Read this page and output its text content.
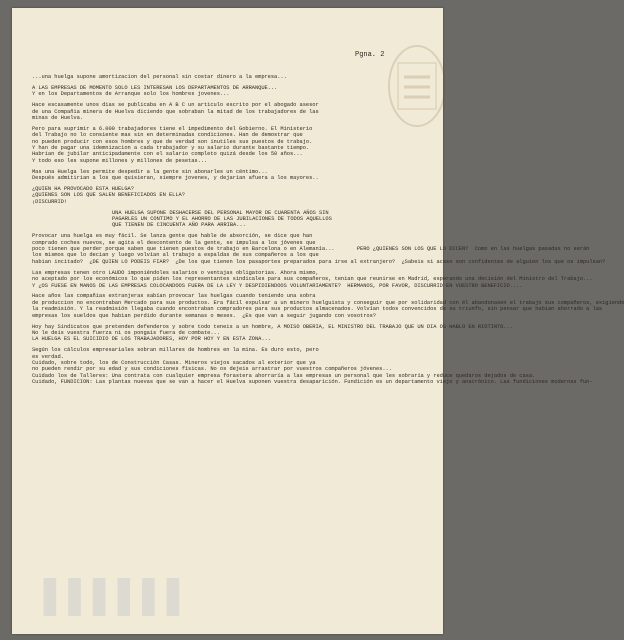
▌▌▌▌▌▌
Pgna. 2
...una huelga supone amortizacion del personal sin costar dinero a la empresa...
A LAS EMPRESAS DE MOMENTO SOLO LES INTERESAN LOS DEPARTAMENTOS DE ARRANQUE...
Y en los Departamentos de Arranque solo los hombres jovenes...
Hace escasamente unos dias se publicaba en A B C un articulo escrito por el abogado asesor
de una Compañia minera de Huelva diciendo que sobraban la mitad de los trabajadores de las
minas de Huelva.
Pero para suprimir a 6.000 trabajadores tiene el impedimento del Gobierno. El Ministerio
del Trabajo no lo consiente mas sin en determinadas condiciones. Han de demostrar que
no pueden producir con esos hombres y que de verdad son inutiles sus puestos de trabajo.
Y han de pagar una idemnizacion a cada trabajador y su salario durante bastante tiempo.
Habrian de jubilar anticipadamente con el salario completo quizá desde los 50 años...
Y todo eso les supone millones y millones de pesetas...
Mas una Huelga les permite despedir a la gente sin abonarles un céntimo...
Después admitirian a los que quisieran, siempre jovenes, y dejarian afuera a los mayores..
¿QUIEN HA PROVOCADO ESTA HUELGA?
¿QUIENES SON LOS QUE SALEN BENEFICIADOS EN ELLA?
¡DISCURRID!
UNA HUELGA SUPONE DESHACERSE DEL PERSONAL MAYOR DE CUARENTA AÑOS SIN
PAGARLES UN CONTIMO Y EL AHORRO DE LAS JUBILACIONES DE TODOS AQUELLOS
QUE TIENEN DE CINCUENTA AÑO PARA ARRIBA...
Provocar una huelga es muy fácil. Se lanza gente que hable de absorción, se dice que han
comprado coches nuevos, se agita el descontento de la gente, se impulsa a los jóvenes que
poco tienen que perder porque saben que tienen puestos de trabajo en Barcelona o en Alemanía...       PERO ¿QUIENES SON LOS QUE LO DICEN?  Como en las huelgas pasadas no serán
los mismos que lo decian y luego volvían al trabajo a espaldas de sus compañeros a los que
habian incitado?  ¿DE QUIEN LO PODEIS FIAR?  ¿De los que tienen los pasaportes preparados para irse al extranjero?  ¿Sabeis si acaso son confidentes de alguien los que os impulsan?
Las empresas tenen otro LAUDO imponiéndoles salarios o ventajas obligatorias. Ahora mismo,
no aceptado por los económicos lo que piden los representantes sindicales para sus compañeros, tenian que reunirse en Madrid, esperando una decisión del Ministro del Trabajo...
Y ¿OS FUESE EN MANOS DE LAS EMPRESAS COLOCANDOOS FUERA DE LA LEY Y DESPIDIENDOOS VOLUNTARIAMENTE?  HERMANOS, POR FAVOR, DISCURRID EN VUESTRO BENEFICIO....
Hace años las compañias extranjeras sabían provocar las huelgas cuando teniendo una sobra
de produccion no encontraban Mercado para sus productos. Era fácil expulsar a un minero huelguista y conseguir que por solidaridad con él abandonasen el trabajo sus compañeros, exigiendo
la readmisión. Y la readmisión llegaba cuando encontraban compradores para sus productos almacenados. Volvían todos convencidos de su triunfo, sin pensar que habian ahorrado a las
empresas los sueldos que habian perdido durante semanas o meses.  ¿Es que van a seguir jugando con vosotros?
Hoy hay Sindicatos que pretenden defenderos y sobre todo teneis a un hombre, A MOISO OBERIA, EL MINISTRO DEL TRABAJO QUE UN DIA OS HABLO EN RIOTINTO...
No le deis vuestra fuerza ni os pongais fuera de combate...
LA HUELGA ES EL SUICIDIO DE LOS TRABAJADORES, HOY POR HOY Y EN ESTA ZONA...
Según los cálculos empresariales sobran millares de hombres en la mina. Es duro esto, pero
es verdad.
Cuidado, sobre todo, los de Construcción Casas. Mineros viejos sacados al exterior que ya
no pueden rendir por su edad y sus condiciones físicas. No os dejeis arrastrar por vuestros compañeros jóvenes...
Cuidado los de Talleres: Una contrata con cualquier empresa forastera ahorraría a las empresas un personal que les sobraría y reduce quedaros dejados de casa.
Cuidado, FUNDICION: Las plantas nuevas que se van a hacer el Huelva suponen vuestra desaparición. Fundición es un departamento viejo y anacrónico. Las fundiciones modernas fun-
